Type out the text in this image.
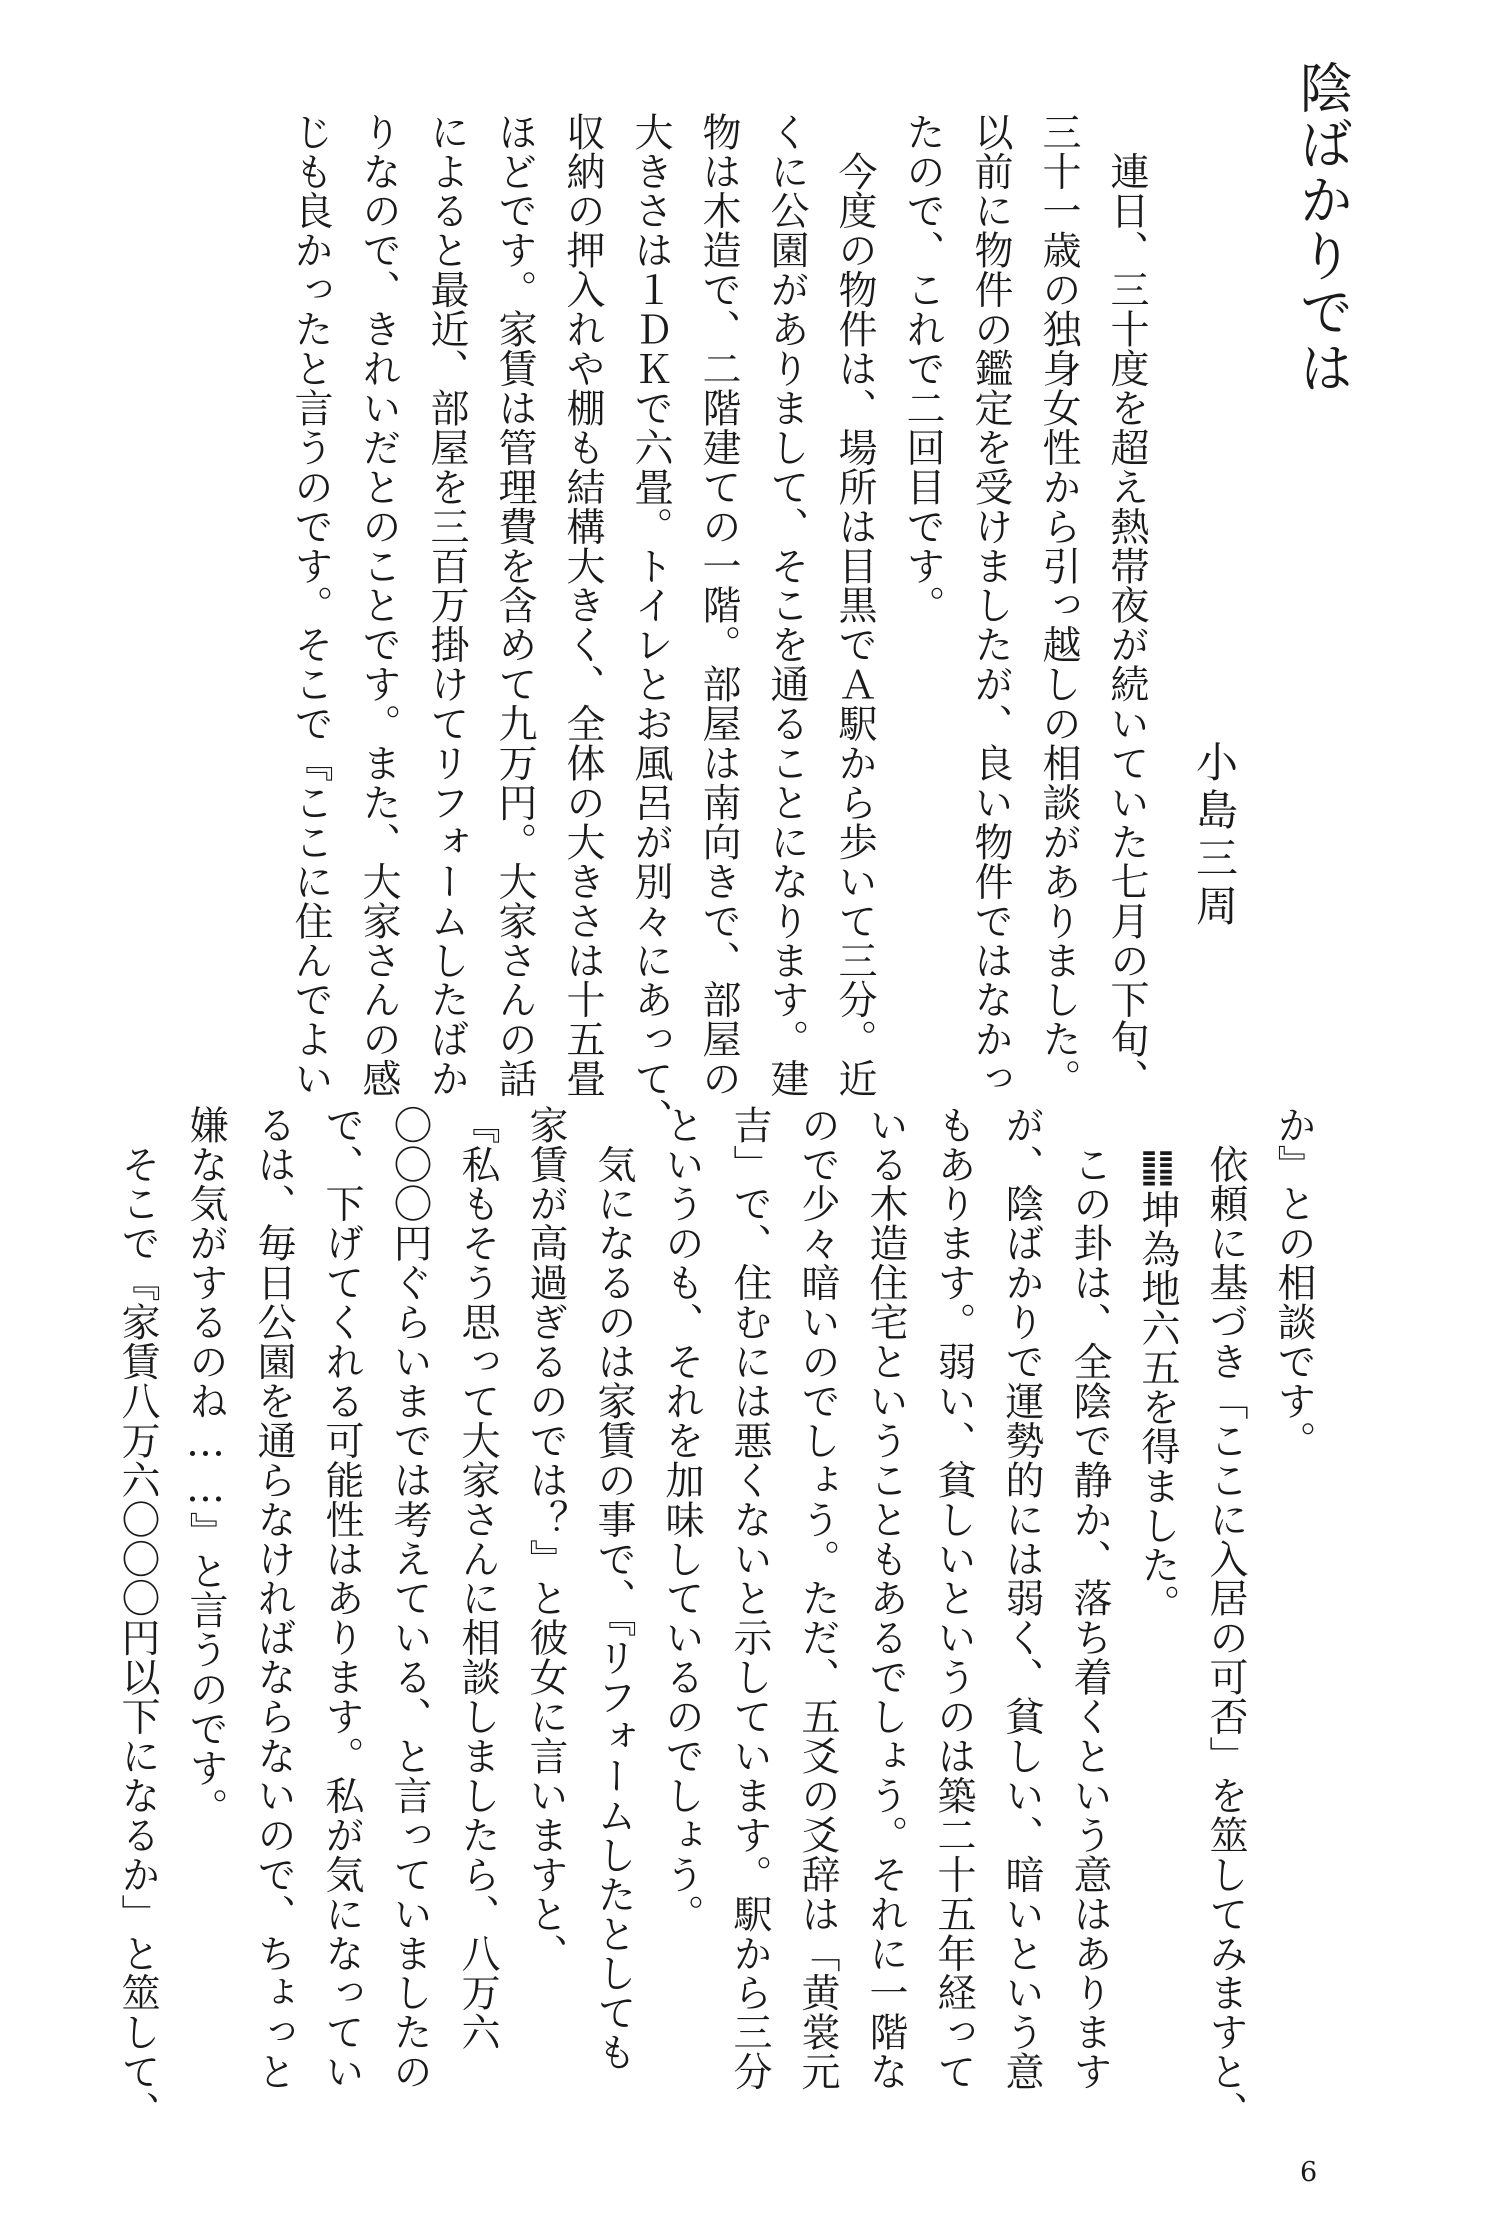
陰ばかりでは
小島三周
　連日、三十度を超え熱帯夜が続いていた七月の下旬、
三十一歳の独身女性から引っ越しの相談がありました。
以前に物件の鑑定を受けましたが、良い物件ではなかっ
たので、これで二回目です。
　今度の物件は、場所は目黒でＡ駅から歩いて三分。近
くに公園がありまして、そこを通ることになります。建
物は木造で、二階建ての一階。部屋は南向きで、部屋の
大きさは１ＤＫで六畳。トイレとお風呂が別々にあって、
収納の押入れや棚も結構大きく、全体の大きさは十五畳
ほどです。家賃は管理費を含めて九万円。大家さんの話
によると最近、部屋を三百万掛けてリフォームしたばか
りなので、きれいだとのことです。また、大家さんの感
じも良かったと言うのです。そこで『ここに住んでよい
か』との相談です。
　依頼に基づき「ここに入居の可否」を筮してみますと、
　䷁坤為地六五を得ました。
　この卦は、全陰で静か、落ち着くという意はあります
が、陰ばかりで運勢的には弱く、貧しい、暗いという意
もあります。弱い、貧しいというのは築二十五年経って
いる木造住宅ということもあるでしょう。それに一階な
ので少々暗いのでしょう。ただ、五爻の爻辞は「黄裳元
吉」で、住むには悪くないと示しています。駅から三分
というのも、それを加味しているのでしょう。
　気になるのは家賃の事で、『リフォームしたとしても
家賃が高過ぎるのでは？』と彼女に言いますと、
『私もそう思って大家さんに相談しましたら、八万六
〇〇〇円ぐらいまでは考えている、と言っていましたの
で、下げてくれる可能性はあります。私が気になってい
るは、毎日公園を通らなければならないので、ちょっと
嫌な気がするのね……』と言うのです。
　そこで『家賃八万六〇〇〇円以下になるか」と筮して、
6
